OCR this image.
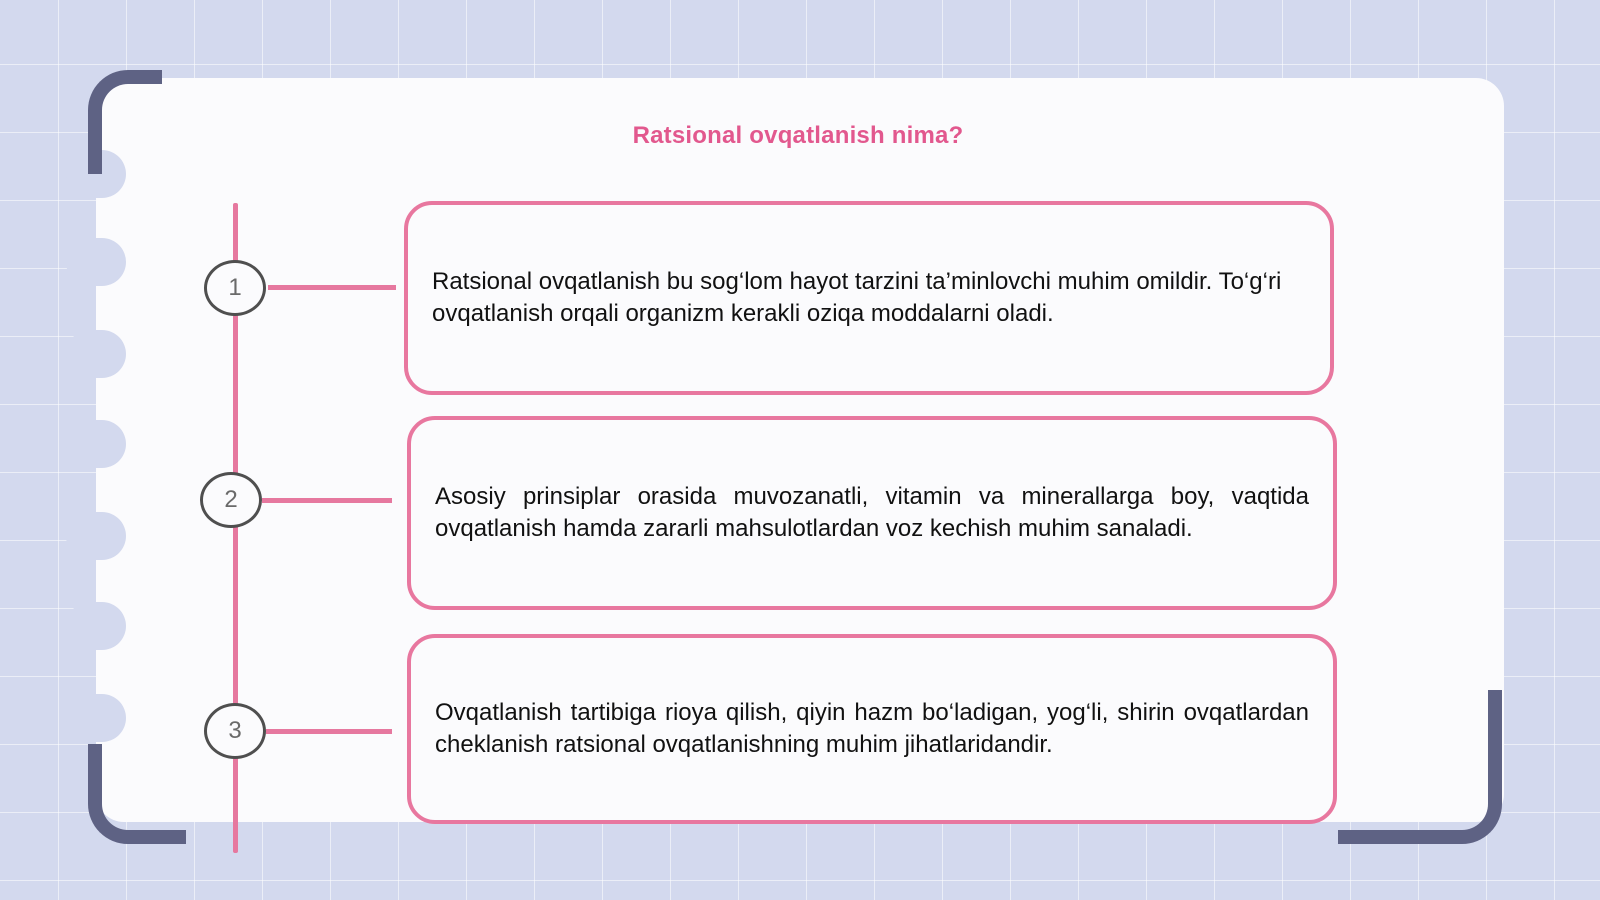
Ratsional ovqatlanish nima?
1
2
3

Ratsional ovqatlanish bu sog‘lom hayot tarzini ta’minlovchi muhim omildir. To‘g‘ri ovqatlanish orqali organizm kerakli oziqa moddalarni oladi.

Asosiy prinsiplar orasida muvozanatli, vitamin va minerallarga boy, vaqtida ovqatlanish hamda zararli mahsulotlardan voz kechish muhim sanaladi.

Ovqatlanish tartibiga rioya qilish, qiyin hazm bo‘ladigan, yog‘li, shirin ovqatlardan cheklanish ratsional ovqatlanishning muhim jihatlaridandir.
